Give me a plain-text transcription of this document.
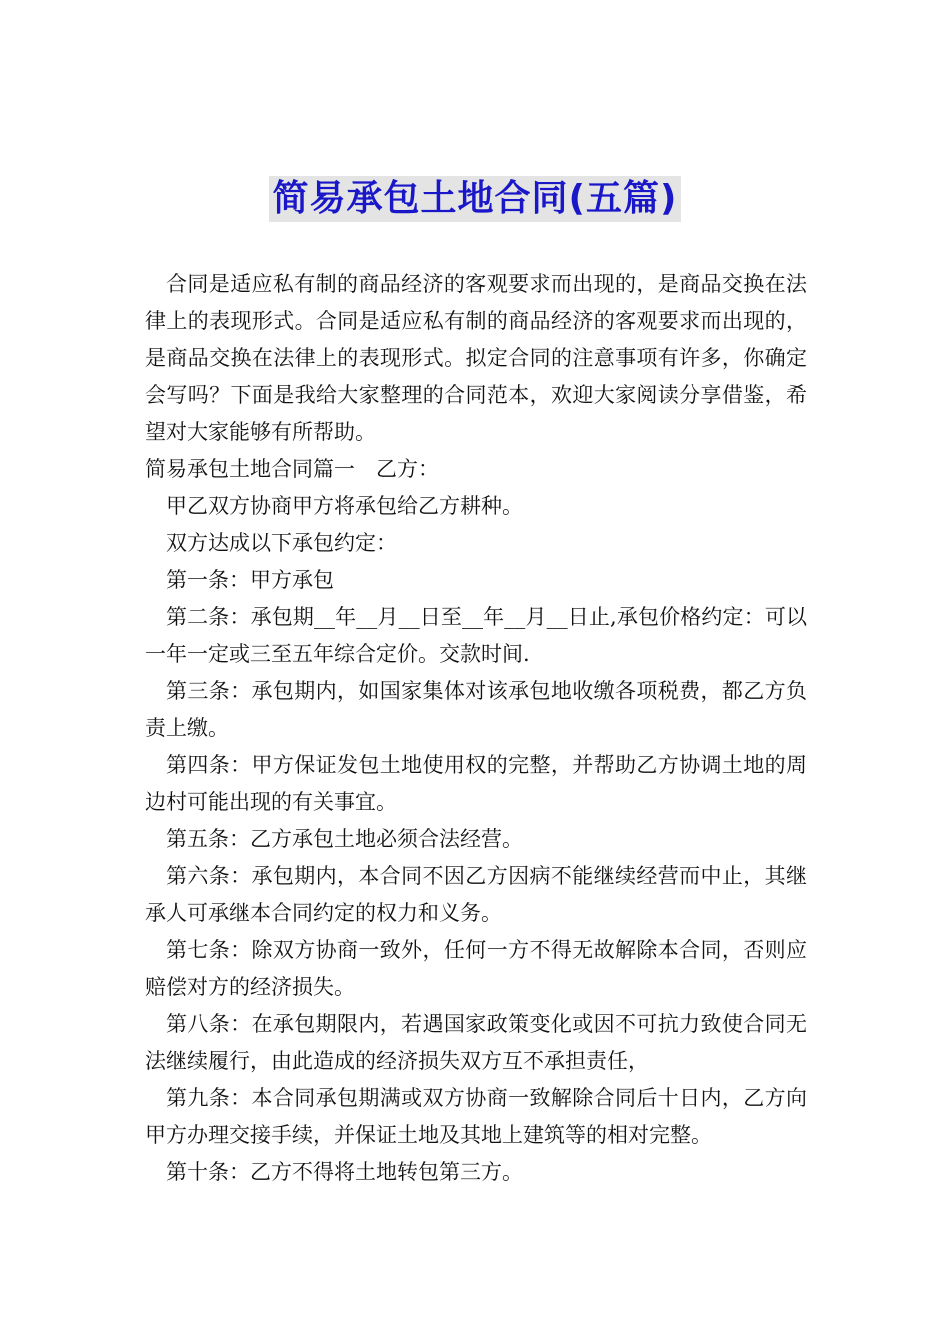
简易承包土地合同(五篇)

合同是适应私有制的商品经济的客观要求而出现的，是商品交换在法律上的表现形式。合同是适应私有制的商品经济的客观要求而出现的，是商品交换在法律上的表现形式。拟定合同的注意事项有许多，你确定会写吗？下面是我给大家整理的合同范本，欢迎大家阅读分享借鉴，希望对大家能够有所帮助。

简易承包土地合同篇一　乙方：

甲乙双方协商甲方将承包给乙方耕种。

双方达成以下承包约定：

第一条：甲方承包

第二条：承包期__年__月__日至__年__月__日止,承包价格约定：可以一年一定或三至五年综合定价。交款时间.

第三条：承包期内，如国家集体对该承包地收缴各项税费，都乙方负责上缴。

第四条：甲方保证发包土地使用权的完整，并帮助乙方协调土地的周边村可能出现的有关事宜。

第五条：乙方承包土地必须合法经营。

第六条：承包期内，本合同不因乙方因病不能继续经营而中止，其继承人可承继本合同约定的权力和义务。

第七条：除双方协商一致外，任何一方不得无故解除本合同，否则应赔偿对方的经济损失。

第八条：在承包期限内，若遇国家政策变化或因不可抗力致使合同无法继续履行，由此造成的经济损失双方互不承担责任，

第九条：本合同承包期满或双方协商一致解除合同后十日内，乙方向甲方办理交接手续，并保证土地及其地上建筑等的相对完整。

第十条：乙方不得将土地转包第三方。
